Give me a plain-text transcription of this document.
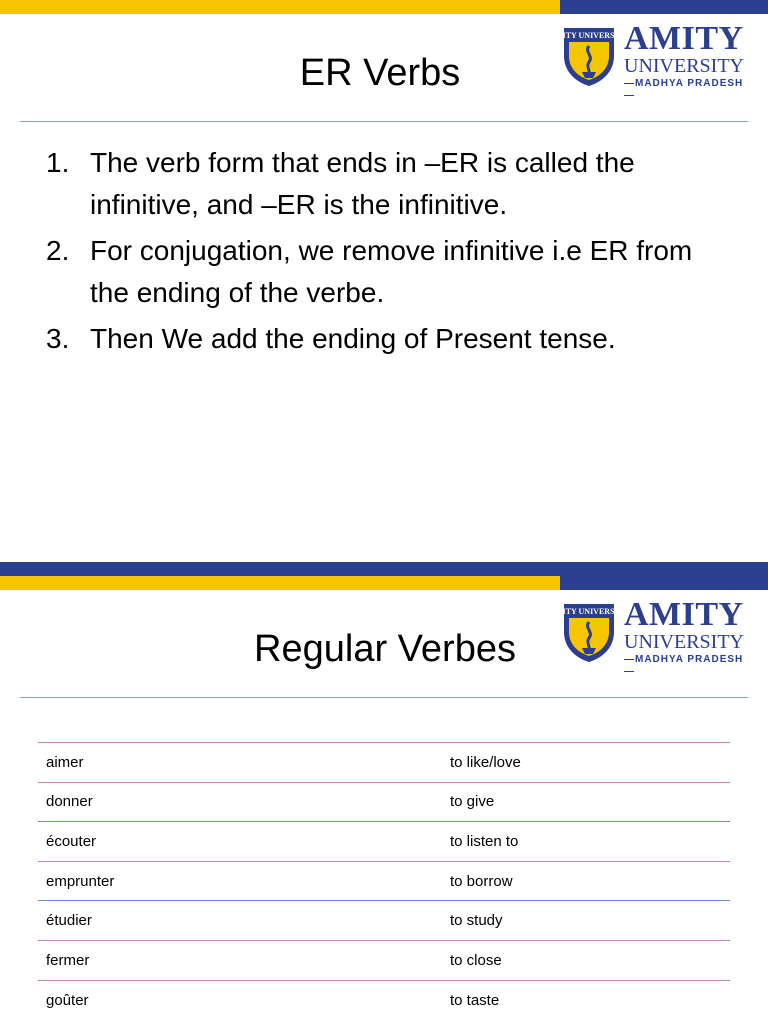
ER Verbs
AMITY UNIVERSITY
AMITY
UNIVERSITY
—MADHYA PRADESH—
1. The verb form that ends in –ER is called the infinitive, and –ER is the infinitive.
2. For conjugation, we remove infinitive i.e ER from the ending of the verbe.
3. Then We add the ending of Present tense.
Regular Verbes
AMITY UNIVERSITY
AMITY
UNIVERSITY
—MADHYA PRADESH—
aimer	to like/love
donner	to give
écouter	to listen to
emprunter	to borrow
étudier	to study
fermer	to close
goûter	to taste
